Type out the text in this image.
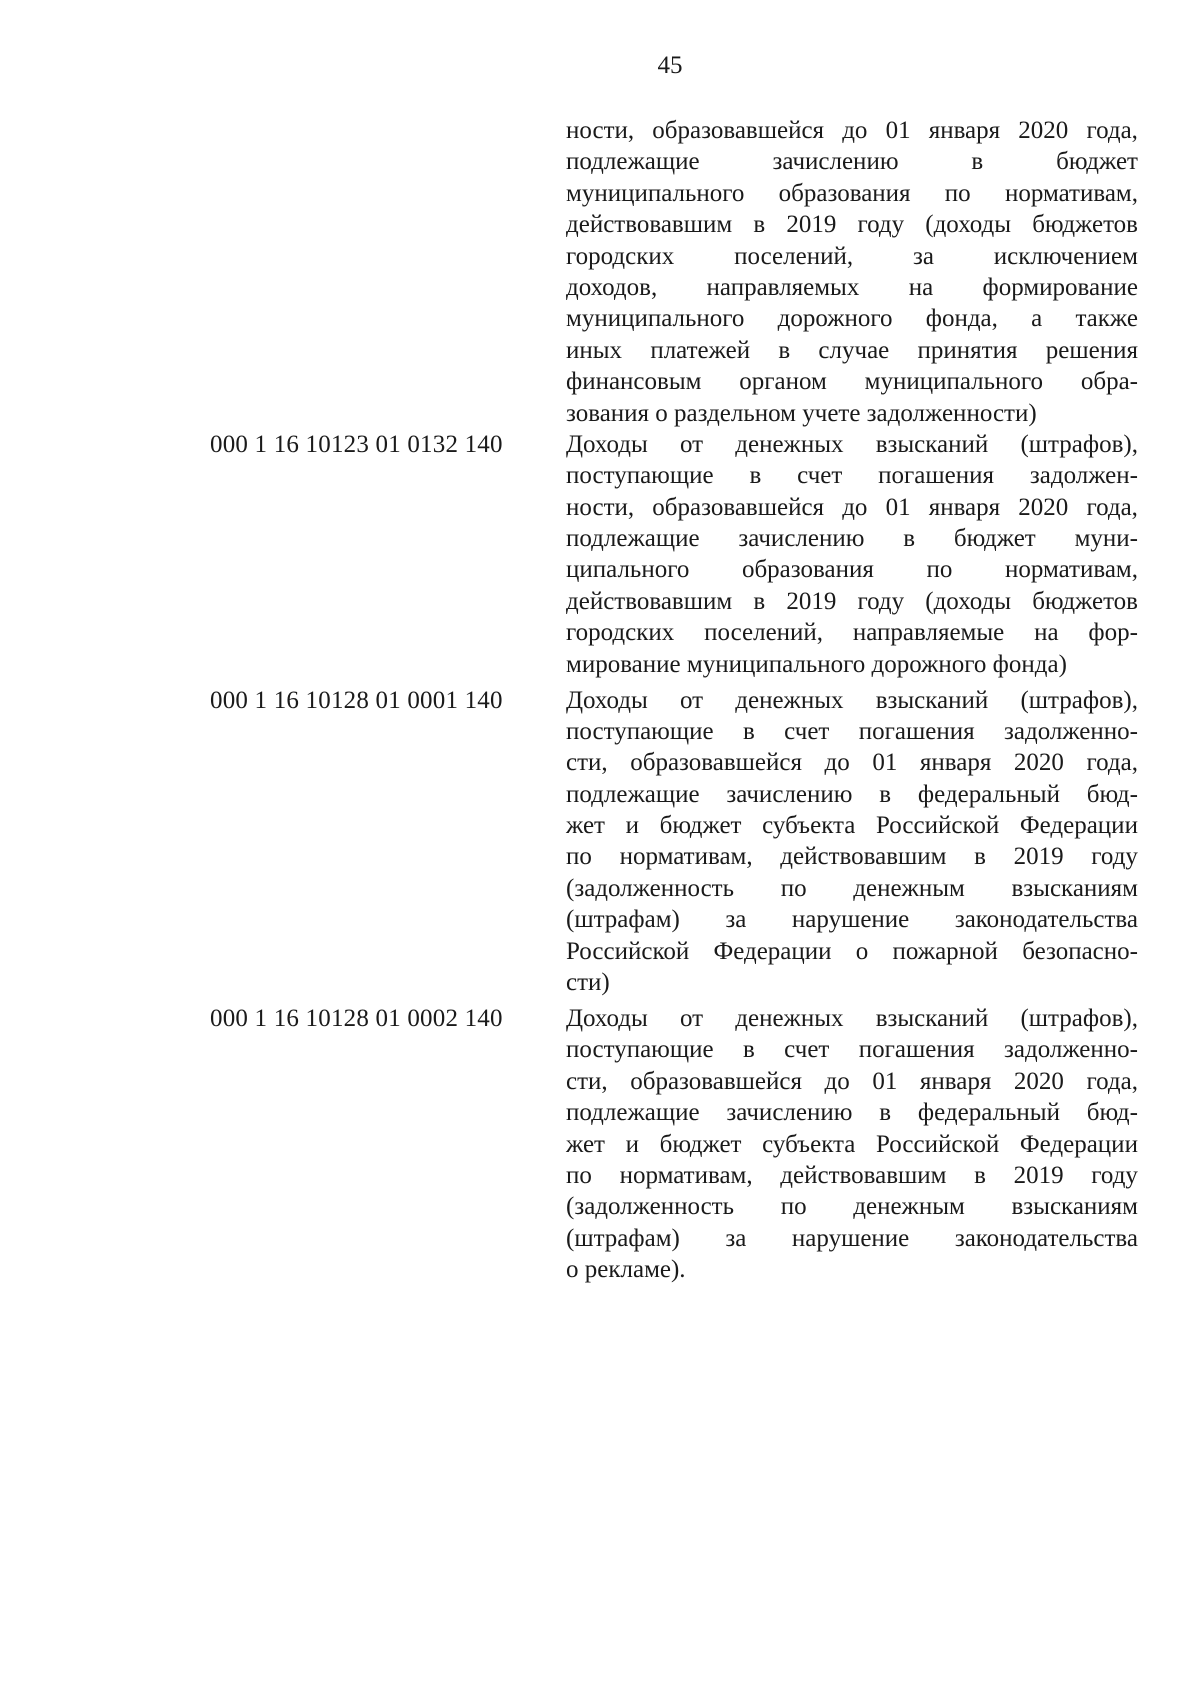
45
ности, образовавшейся до 01 января 2020 года,
подлежащие	зачислению	в	бюджет
муниципального образования по нормативам,
действовавшим в 2019 году (доходы бюджетов
городских поселений, за исключением
доходов, направляемых на формирование
муниципального дорожного фонда, а также
иных платежей в случае принятия решения
финансовым органом муниципального обра-
зования о раздельном учете задолженности)
000 1 16 10123 01 0132 140	Доходы от денежных взысканий (штрафов),
поступающие в счет погашения задолжен-
ности, образовавшейся до 01 января 2020 года,
подлежащие зачислению в бюджет муни-
ципального образования по нормативам,
действовавшим в 2019 году (доходы бюджетов
городских поселений, направляемые на фор-
мирование муниципального дорожного фонда)
000 1 16 10128 01 0001 140	Доходы от денежных взысканий (штрафов),
поступающие в счет погашения задолженно-
сти, образовавшейся до 01 января 2020 года,
подлежащие зачислению в федеральный бюд-
жет и бюджет субъекта Российской Федерации
по нормативам, действовавшим в 2019 году
(задолженность по денежным взысканиям
(штрафам) за нарушение законодательства
Российской Федерации о пожарной безопасно-
сти)
000 1 16 10128 01 0002 140	Доходы от денежных взысканий (штрафов),
поступающие в счет погашения задолженно-
сти, образовавшейся до 01 января 2020 года,
подлежащие зачислению в федеральный бюд-
жет и бюджет субъекта Российской Федерации
по нормативам, действовавшим в 2019 году
(задолженность по денежным взысканиям
(штрафам) за нарушение законодательства
о рекламе).
